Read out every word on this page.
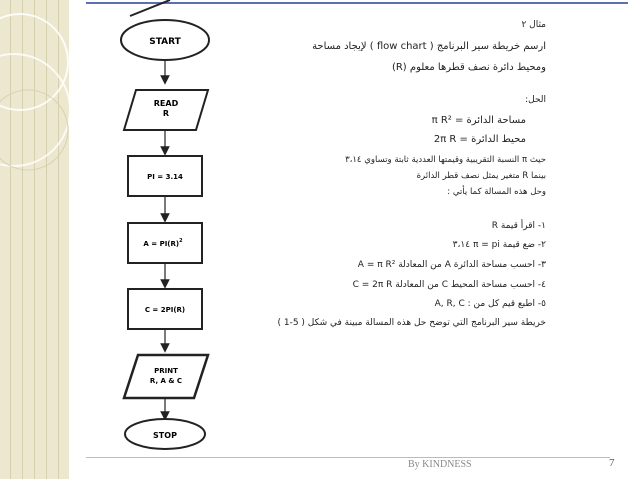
START
READ
R
PI = 3.14
$A = PI(R)^2$
C = 2PI(R)
PRINT
R, A & C
STOP
مثال ٢
ارسم خريطة سير البرنامج ( flow chart ) لإيجاد مساحة
ومحيط دائرة نصف قطرها معلوم (R)
الحل:
مساحة الدائرة = π R²
محيط الدائرة = 2π R
حيث π النسبة التقريبية وقيمتها العددية ثابتة وتساوي ٣،١٤
بينما R متغير يمثل نصف قطر الدائرة
وحل هذه المسالة كما يأتي :
١- اقرأ قيمة R
٢- ضع قيمة π = pi ٣،١٤
٣- احسب مساحة الدائرة A من المعادلة A = π R²
٤- احسب مساحة المحيط C من المعادلة C = 2π R
٥- اطبع قيم كل من : A, R, C
خريطة سير البرنامج التي توضح حل هذه المسالة مبينة في شكل ( 5-1 )
By KINDNESS	7
